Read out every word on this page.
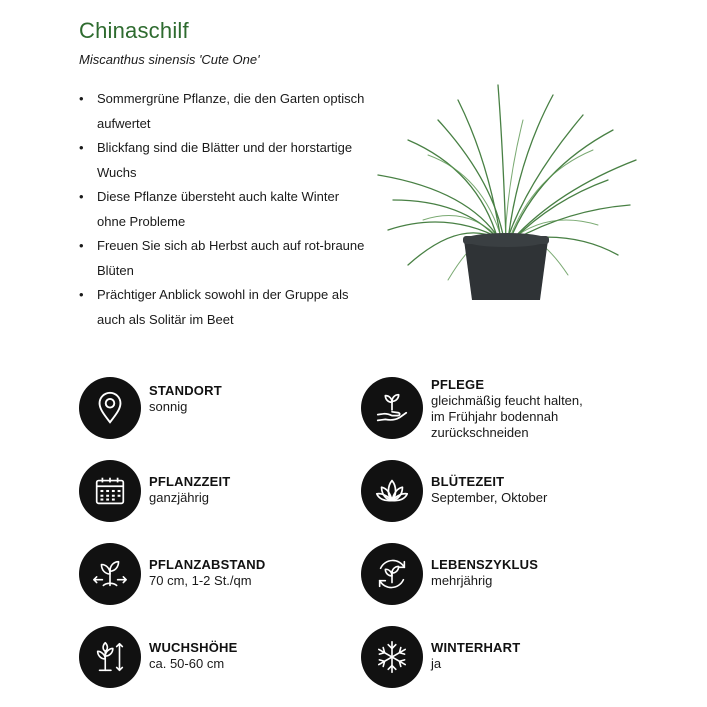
Chinaschilf
Miscanthus sinensis 'Cute One'
• Sommergrüne Pflanze, die den Garten optisch aufwertet
• Blickfang sind die Blätter und der horstartige Wuchs
• Diese Pflanze übersteht auch kalte Winter ohne Probleme
• Freuen Sie sich ab Herbst auch auf rot-braune Blüten
• Prächtiger Anblick sowohl in der Gruppe als auch als Solitär im Beet
STANDORT
sonnig
PFLEGE
gleichmäßig feucht halten,
im Frühjahr bodennah
zurückschneiden
PFLANZZEIT
ganzjährig
BLÜTEZEIT
September, Oktober
PFLANZABSTAND
70 cm, 1-2 St./qm
LEBENSZYKLUS
mehrjährig
WUCHSHÖHE
ca. 50-60 cm
WINTERHART
ja
